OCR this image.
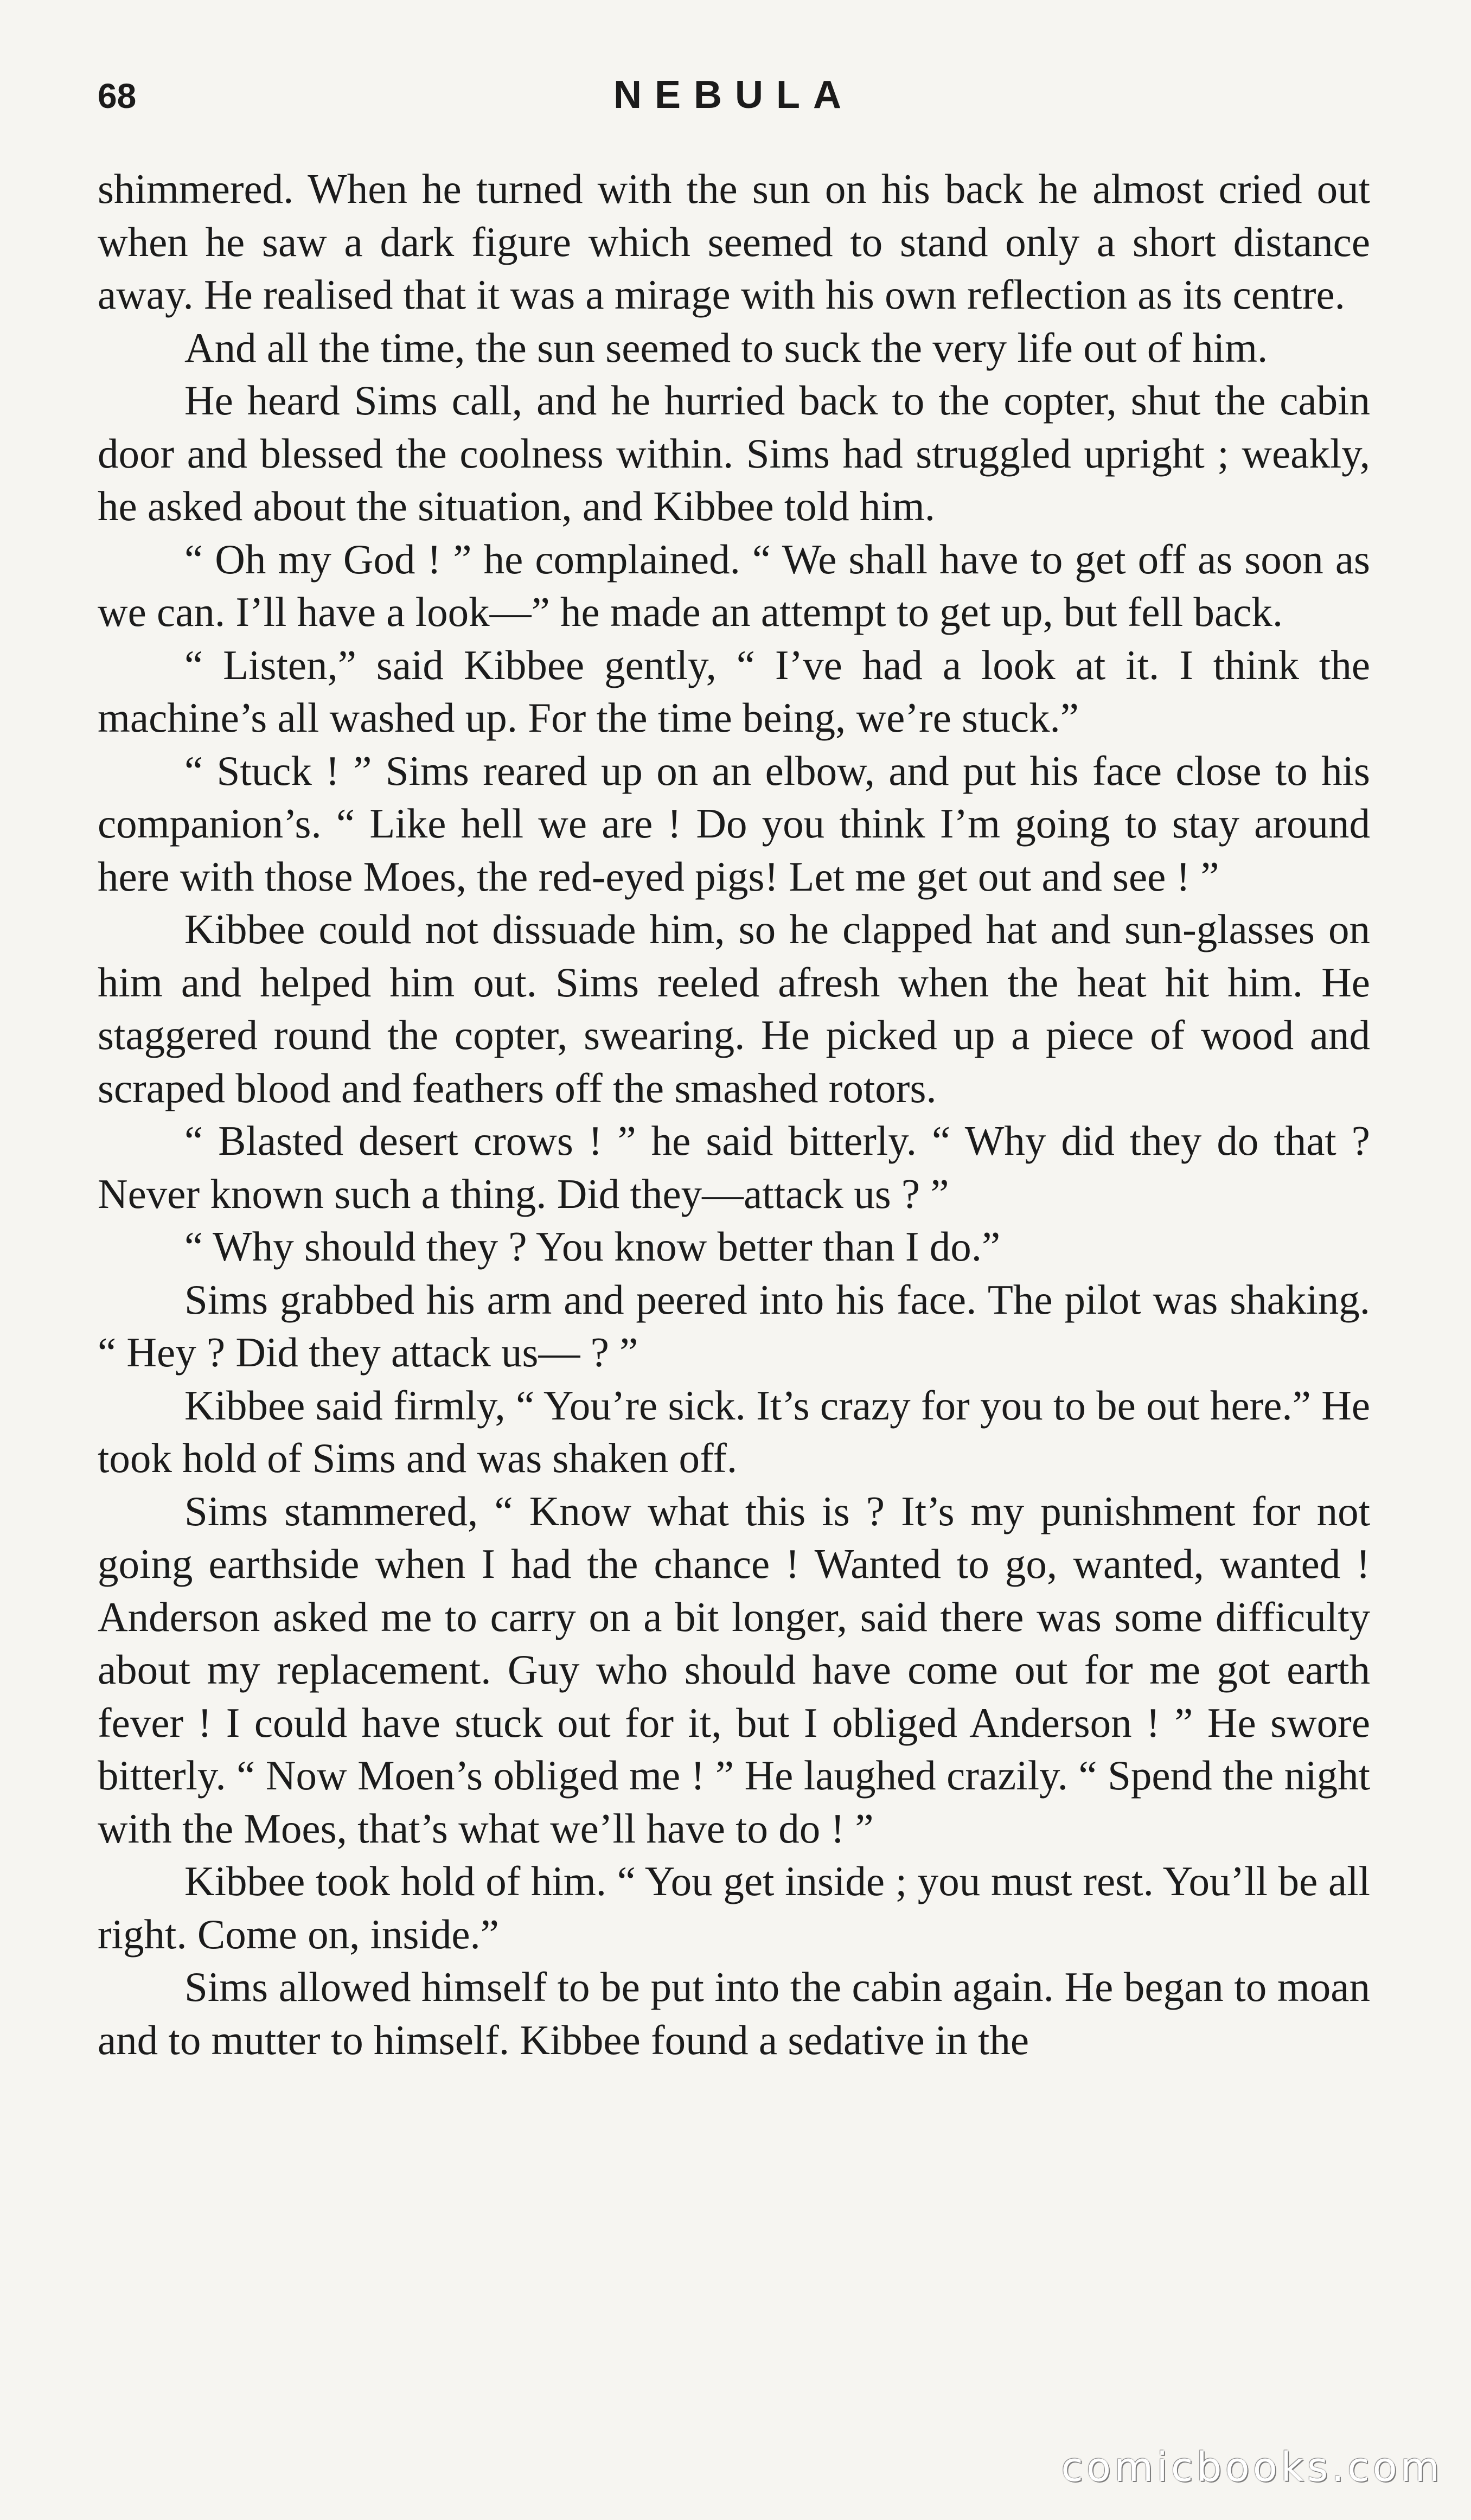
68	NEBULA

shimmered. When he turned with the sun on his back he almost cried out when he saw a dark figure which seemed to stand only a short distance away. He realised that it was a mirage with his own reflection as its centre.

And all the time, the sun seemed to suck the very life out of him.

He heard Sims call, and he hurried back to the copter, shut the cabin door and blessed the coolness within. Sims had struggled upright ; weakly, he asked about the situation, and Kibbee told him.

“ Oh my God ! ” he complained. “ We shall have to get off as soon as we can. I’ll have a look—” he made an attempt to get up, but fell back.

“ Listen,” said Kibbee gently, “ I’ve had a look at it. I think the machine’s all washed up. For the time being, we’re stuck.”

“ Stuck ! ” Sims reared up on an elbow, and put his face close to his companion’s. “ Like hell we are ! Do you think I’m going to stay around here with those Moes, the red-eyed pigs! Let me get out and see ! ”

Kibbee could not dissuade him, so he clapped hat and sun-glasses on him and helped him out. Sims reeled afresh when the heat hit him. He staggered round the copter, swearing. He picked up a piece of wood and scraped blood and feathers off the smashed rotors.

“ Blasted desert crows ! ” he said bitterly. “ Why did they do that ? Never known such a thing. Did they—attack us ? ”

“ Why should they ? You know better than I do.”

Sims grabbed his arm and peered into his face. The pilot was shaking. “ Hey ? Did they attack us— ? ”

Kibbee said firmly, “ You’re sick. It’s crazy for you to be out here.” He took hold of Sims and was shaken off.

Sims stammered, “ Know what this is ? It’s my punishment for not going earthside when I had the chance ! Wanted to go, wanted, wanted ! Anderson asked me to carry on a bit longer, said there was some difficulty about my replacement. Guy who should have come out for me got earth fever ! I could have stuck out for it, but I obliged Anderson ! ” He swore bitterly. “ Now Moen’s obliged me ! ” He laughed crazily. “ Spend the night with the Moes, that’s what we’ll have to do ! ”

Kibbee took hold of him. “ You get inside ; you must rest. You’ll be all right. Come on, inside.”

Sims allowed himself to be put into the cabin again. He began to moan and to mutter to himself. Kibbee found a sedative in the

comicbooks.com
